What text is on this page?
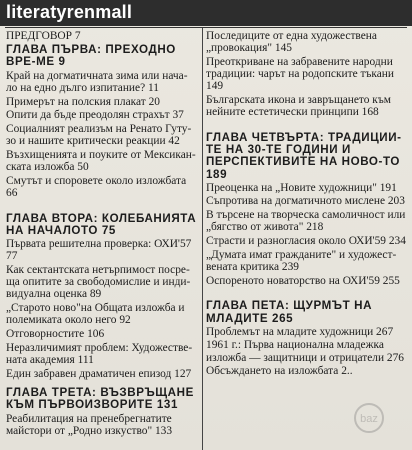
literatyrenmall
ПРЕДГОВОР 7
ГЛАВА ПЪРВА: ПРЕХОДНО ВРЕ-МЕ 9
Край на догматичната зима или нача-ло на едно дълго изпитание? 11
Примерът на полския плакат 20
Опити да бъде преодолян страхът 37
Социалният реализъм на Ренато Гуту-зо и нашите критически реакции 42
Възхищенията и поуките от Мексикан-ската изложба 50
Смутът и споровете около изложбата 66
ГЛАВА ВТОРА: КОЛЕБАНИЯТА НА НАЧАЛОТО 75
Първата решителна проверка: ОХИ'57 77
Как сектантската нетърпимост посре-ща опитите за свободомислие и инди-видуална оценка 89
„Старото ново"на Общата изложба и полемиката около него 92
Отговорностите 106
Неразличимият проблем: Художестве-ната академия 111
Един забравен драматичен епизод 127
ГЛАВА ТРЕТА: ВЪЗВРЪЩАНЕ КЪМ ПЪРВОИЗВОРИТЕ 131
Реабилитация на пренебрегнатите майстори от „Родно изкуство" 133
Последиците от една художествена „провокация" 145
Преоткриване на забравените народни традиции: чарът на родопските тъкани 149
Българската икона и завръщането към нейните естетически принципи 168
ГЛАВА ЧЕТВЪРТА: ТРАДИЦИИ-ТЕ НА 30-ТЕ ГОДИНИ И ПЕРСПЕКТИВИТЕ НА НОВО-ТО 189
Преоценка на „Новите художници" 191
Съпротива на догматичното мислене 203
В търсене на творческа самоличност или „бягство от живота" 218
Страсти и разногласия около ОХИ'59 234
„Думата имат гражданите" и художест-вената критика 239
Оспореното новаторство на ОХИ'59 255
ГЛАВА ПЕТА: ЩУРМЪТ НА МЛАДИТЕ 265
Проблемът на младите художници 267
1961 г.: Първа национална младежка изложба — защитници и отрицатели 276
Обсъждането на изложбата 2..
baz
